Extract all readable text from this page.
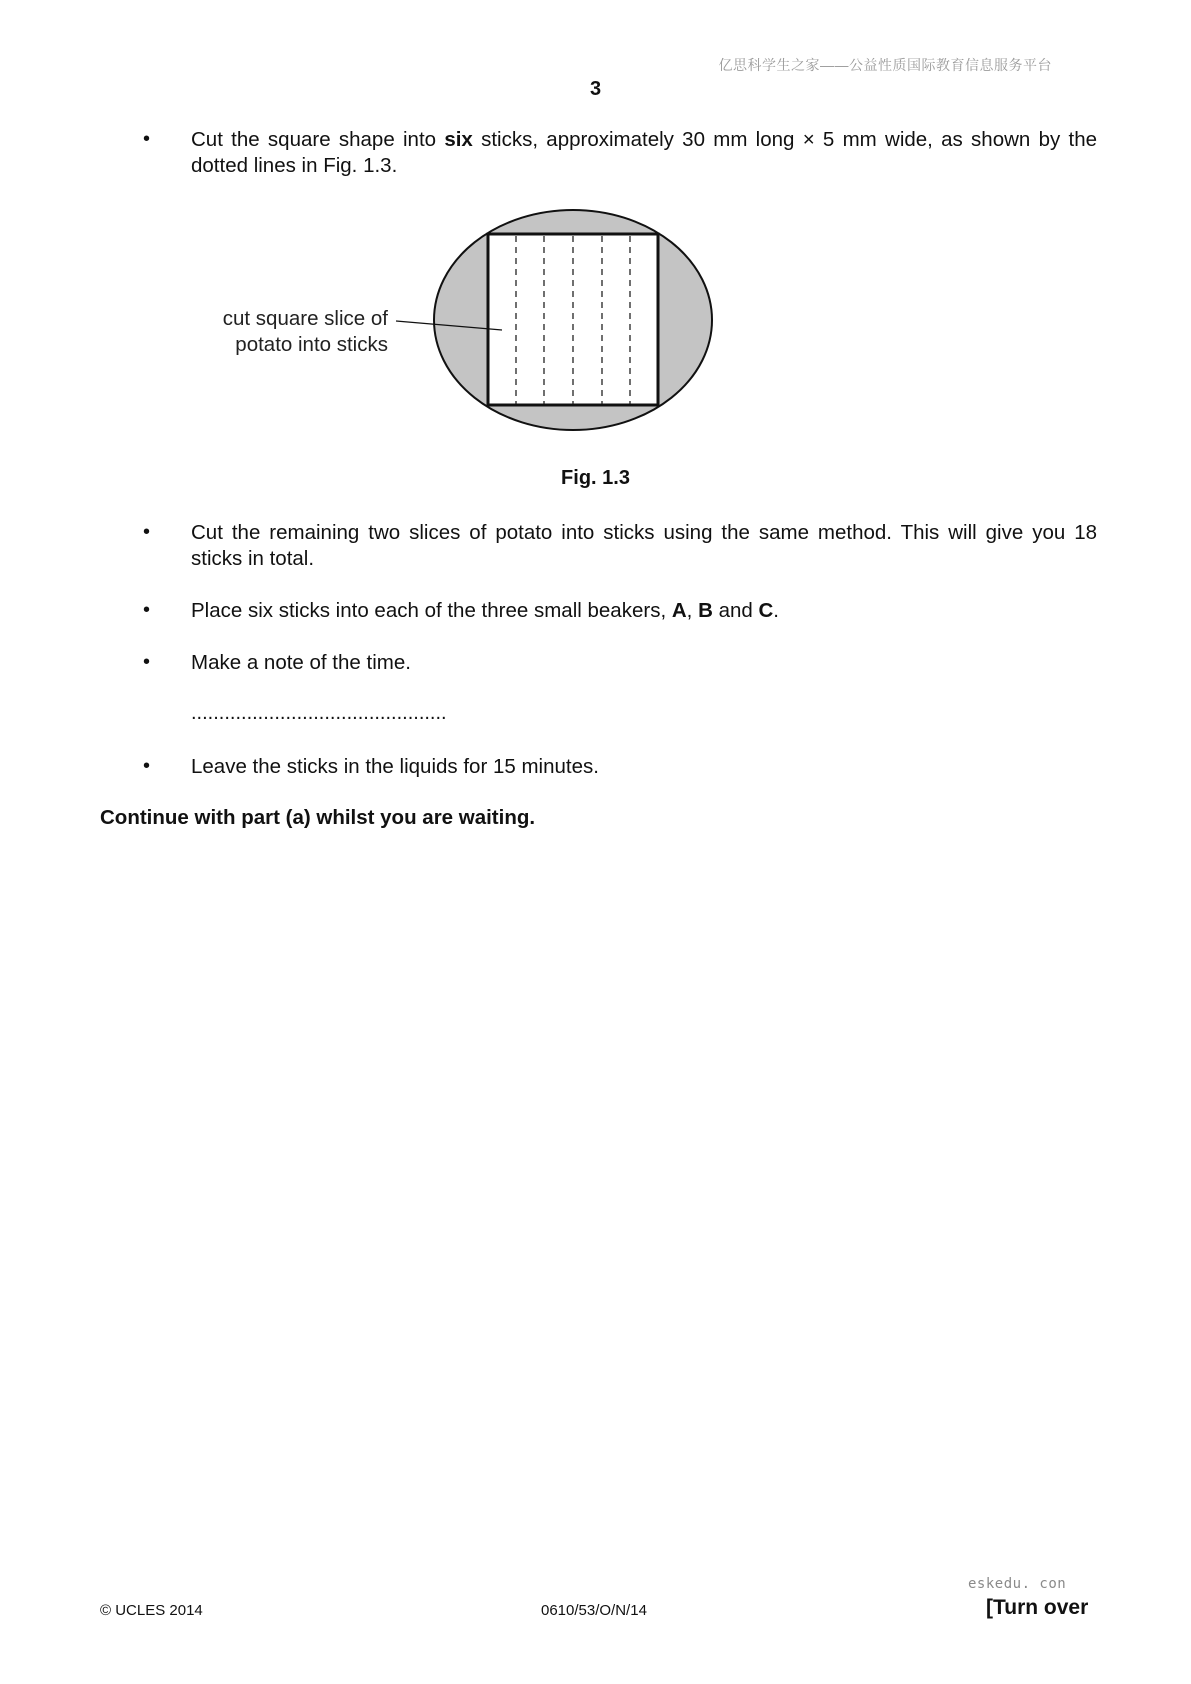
亿思科学生之家——公益性质国际教育信息服务平台
3
• Cut the square shape into six sticks, approximately 30 mm long × 5 mm wide, as shown by the dotted lines in Fig. 1.3.
cut square slice of
potato into sticks
Fig. 1.3
• Cut the remaining two slices of potato into sticks using the same method. This will give you 18 sticks in total.
• Place six sticks into each of the three small beakers, A, B and C.
• Make a note of the time.
..............................................
• Leave the sticks in the liquids for 15 minutes.
Continue with part (a) whilst you are waiting.
© UCLES 2014	0610/53/O/N/14
eskedu. con
[Turn over
